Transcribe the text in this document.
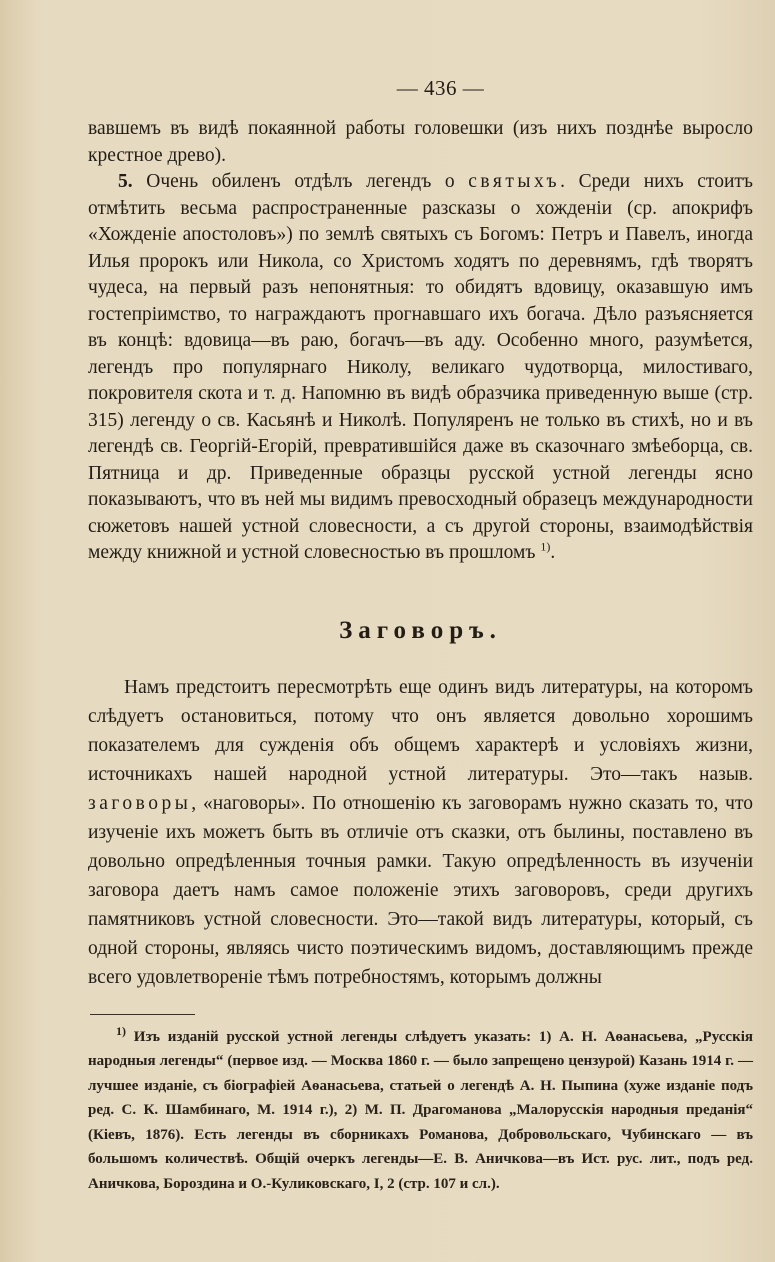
— 436 —

вавшемъ въ видѣ покаянной работы головешки (изъ нихъ позднѣе выросло крестное древо).

5. Очень обиленъ отдѣлъ легендъ о святыхъ. Среди нихъ стоитъ отмѣтить весьма распространенные разсказы о хожденіи (ср. апокрифъ «Хожденіе апостоловъ») по землѣ святыхъ съ Богомъ: Петръ и Павелъ, иногда Илья пророкъ или Никола, со Христомъ ходятъ по деревнямъ, гдѣ творятъ чудеса, на первый разъ непонятныя: то обидятъ вдовицу, оказавшую имъ гостепріимство, то награждаютъ прогнавшаго ихъ богача. Дѣло разъясняется въ концѣ: вдовица—въ раю, богачъ—въ аду. Особенно много, разумѣется, легендъ про популярнаго Николу, великаго чудотворца, милостиваго, покровителя скота и т. д. Напомню въ видѣ образчика приведенную выше (стр. 315) легенду о св. Касьянѣ и Николѣ. Популяренъ не только въ стихѣ, но и въ легендѣ св. Георгій-Егорій, превратившійся даже въ сказочнаго змѣеборца, св. Пятница и др. Приведенные образцы русской устной легенды ясно показываютъ, что въ ней мы видимъ превосходный образецъ международности сюжетовъ нашей устной словесности, а съ другой стороны, взаимодѣйствія между книжной и устной словесностью въ прошломъ $^{1)}$.

Заговоръ.

Намъ предстоитъ пересмотрѣть еще одинъ видъ литературы, на которомъ слѣдуетъ остановиться, потому что онъ является довольно хорошимъ показателемъ для сужденія объ общемъ характерѣ и условіяхъ жизни, источникахъ нашей народной устной литературы. Это—такъ назыв. заговоры, «наговоры». По отношенію къ заговорамъ нужно сказать то, что изученіе ихъ можетъ быть въ отличіе отъ сказки, отъ былины, поставлено въ довольно опредѣленныя точныя рамки. Такую опредѣленность въ изученіи заговора даетъ намъ самое положеніе этихъ заговоровъ, среди другихъ памятниковъ устной словесности. Это—такой видъ литературы, который, съ одной стороны, являясь чисто поэтическимъ видомъ, доставляющимъ прежде всего удовлетвореніе тѣмъ потребностямъ, которымъ должны

$^{1)}$ Изъ изданій русской устной легенды слѣдуетъ указать: 1) А. Н. Аѳанасьева, „Русскія народныя легенды“ (первое изд. — Москва 1860 г. — было запрещено цензурой) Казань 1914 г. — лучшее изданіе, съ біографіей Аѳанасьева, статьей о легендѣ А. Н. Пыпина (хуже изданіе подъ ред. С. К. Шамбинаго, М. 1914 г.), 2) М. П. Драгоманова „Малорусскія народныя преданія“ (Кіевъ, 1876). Есть легенды въ сборникахъ Романова, Добровольскаго, Чубинскаго — въ большомъ количествѣ. Общій очеркъ легенды—Е. В. Аничкова—въ Ист. рус. лит., подъ ред. Аничкова, Бороздина и О.-Куликовскаго, I, 2 (стр. 107 и сл.).
